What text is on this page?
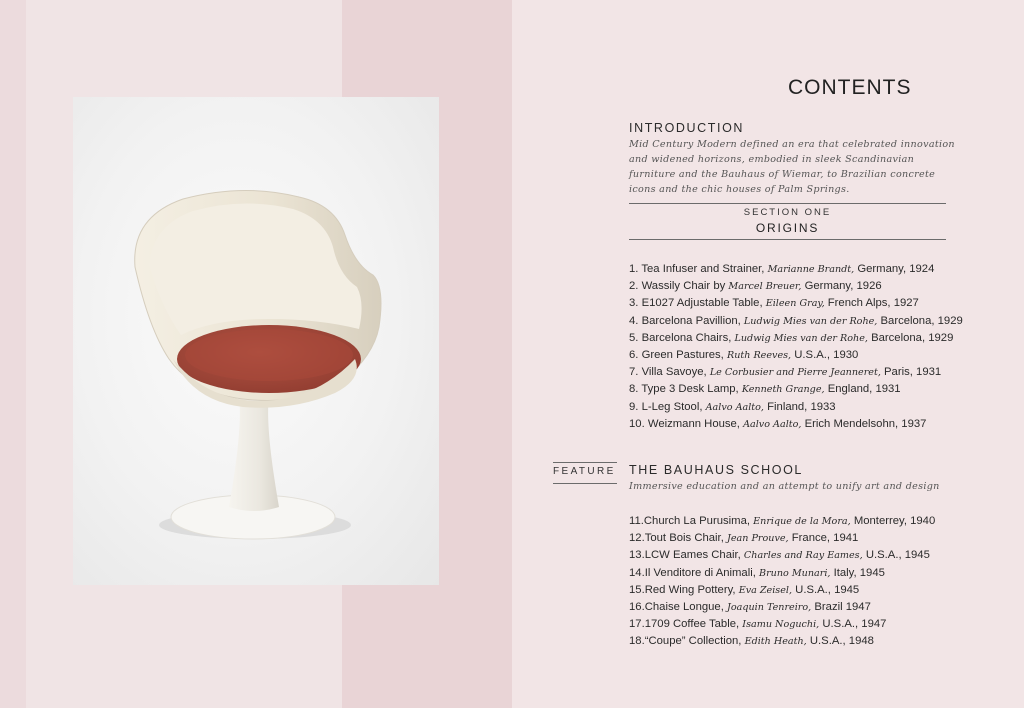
CONTENTS
INTRODUCTION
Mid Century Modern defined an era that celebrated innovation and widened horizons, embodied in sleek Scandinavian furniture and the Bauhaus of Wiemar, to Brazilian concrete icons and the chic houses of Palm Springs.
SECTION ONE
ORIGINS
1. Tea Infuser and Strainer, Marianne Brandt, Germany, 1924
2. Wassily Chair by Marcel Breuer, Germany, 1926
3. E1027 Adjustable Table, Eileen Gray, French Alps, 1927
4. Barcelona Pavillion, Ludwig Mies van der Rohe, Barcelona, 1929
5. Barcelona Chairs, Ludwig Mies van der Rohe, Barcelona, 1929
6. Green Pastures, Ruth Reeves, U.S.A., 1930
7. Villa Savoye, Le Corbusier and Pierre Jeanneret, Paris, 1931
8. Type 3 Desk Lamp, Kenneth Grange, England, 1931
9. L-Leg Stool, Aalvo Aalto, Finland, 1933
10. Weizmann House, Aalvo Aalto, Erich Mendelsohn, 1937
FEATURE THE BAUHAUS SCHOOL
Immersive education and an attempt to unify art and design
11.Church La Purusima, Enrique de la Mora, Monterrey, 1940
12.Tout Bois Chair, Jean Prouve, France, 1941
13.LCW Eames Chair, Charles and Ray Eames, U.S.A., 1945
14.Il Venditore di Animali, Bruno Munari, Italy, 1945
15.Red Wing Pottery, Eva Zeisel, U.S.A., 1945
16.Chaise Longue, Joaquin Tenreiro, Brazil 1947
17.1709 Coffee Table, Isamu Noguchi, U.S.A., 1947
18.“Coupe” Collection, Edith Heath, U.S.A., 1948
